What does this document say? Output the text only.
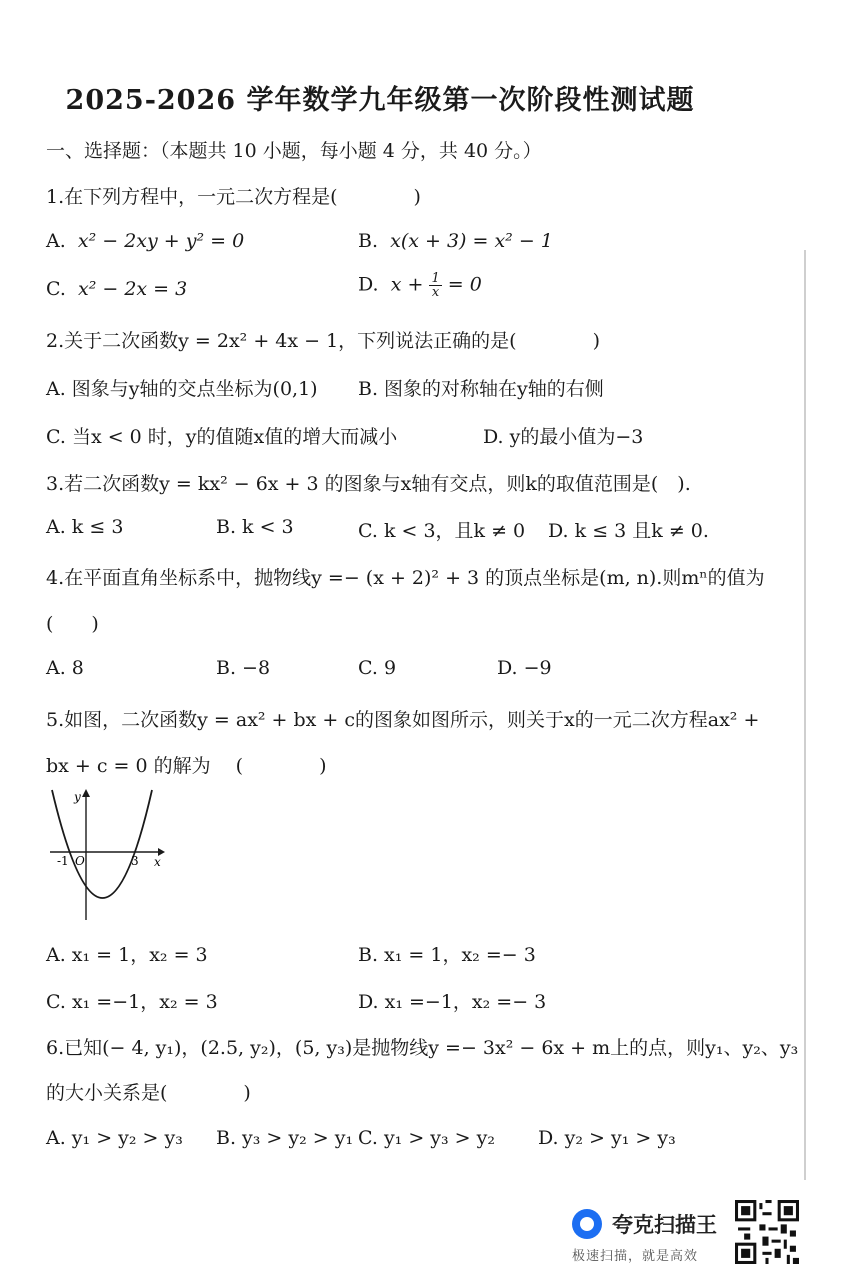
2025-2026 学年数学九年级第一次阶段性测试题
一、选择题：（本题共 10 小题，每小题 4 分，共 40 分。）
1.在下列方程中，一元二次方程是(　　　　)
A. x² − 2xy + y² = 0	B. x(x + 3) = x² − 1
C. x² − 2x = 3	D. $x + \frac{1}{x} = 0$
2.关于二次函数y = 2x² + 4x − 1，下列说法正确的是(　　　　)
A. 图象与y轴的交点坐标为(0,1) B. 图象的对称轴在y轴的右侧
C. 当x < 0 时，y的值随x值的增大而减小	D. y的最小值为−3
3.若二次函数y = kx² − 6x + 3 的图象与x轴有交点，则k的取值范围是(　).
A. k ≤ 3	B. k < 3	C. k < 3，且k ≠ 0 D. k ≤ 3 且k ≠ 0.
4.在平面直角坐标系中，抛物线y =− (x + 2)² + 3 的顶点坐标是(m, n).则mⁿ的值为
(　　)
A. 8	B. −8	C. 9	D. −9
5.如图，二次函数y = ax² + bx + c的图象如图所示，则关于x的一元二次方程ax² +
bx + c = 0 的解为　 (　　　　)
y
x
-1 O	3
A. x₁ = 1，x₂ = 3	B. x₁ = 1，x₂ =− 3
C. x₁ =−1，x₂ = 3	D. x₁ =−1，x₂ =− 3
6.已知(− 4, y₁)，(2.5, y₂)，(5, y₃)是抛物线y =− 3x² − 6x + m上的点，则y₁、y₂、y₃
的大小关系是(　　　　)
A. y₁ > y₂ > y₃ B. y₃ > y₂ > y₁ C. y₁ > y₃ > y₂ D. y₂ > y₁ > y₃
夸克扫描王
极速扫描，就是高效
